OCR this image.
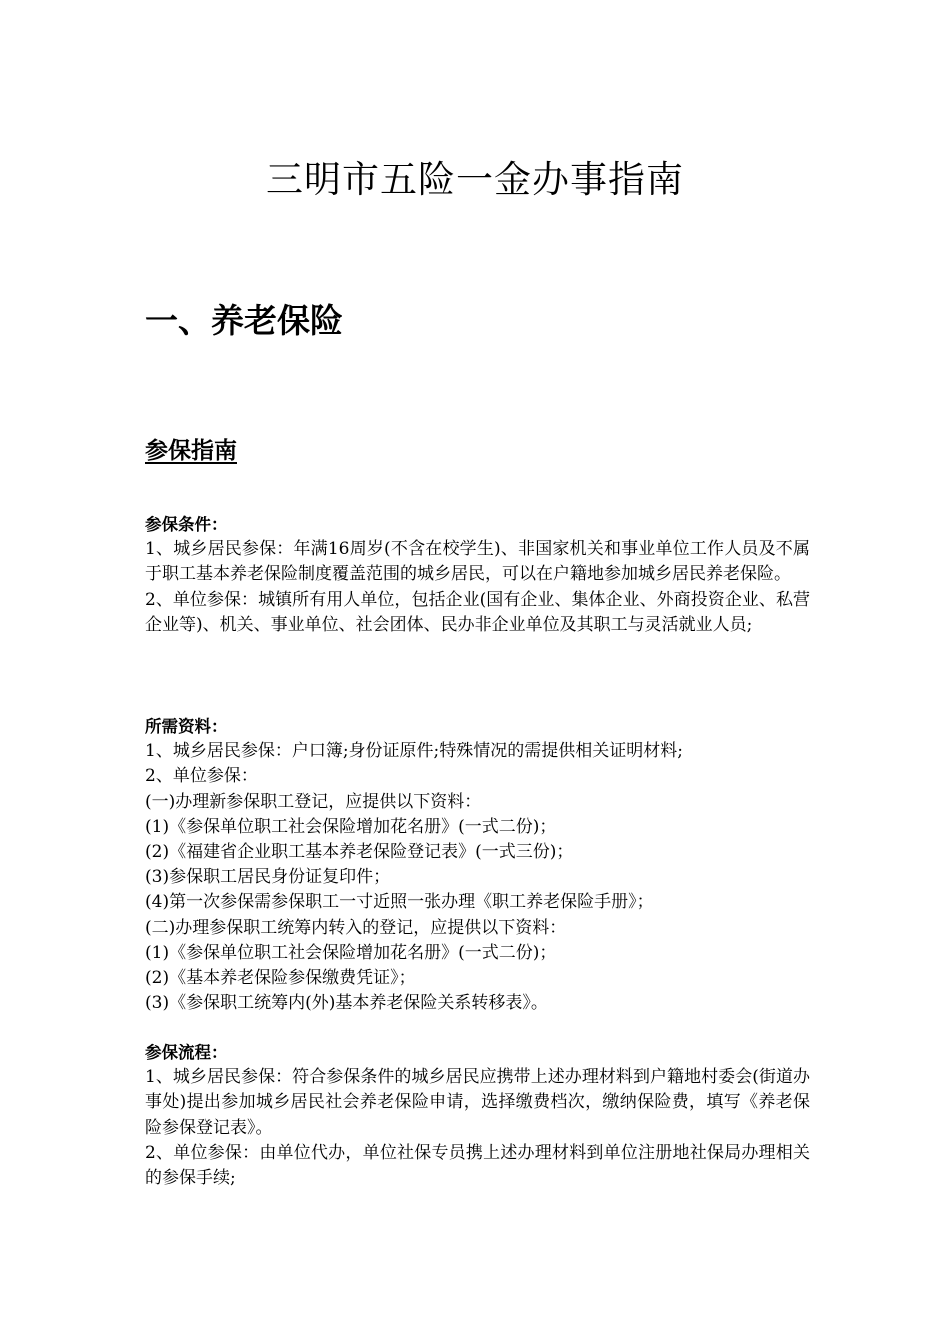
三明市五险一金办事指南
一、养老保险
参保指南
参保条件：
1、城乡居民参保：年满16周岁(不含在校学生)、非国家机关和事业单位工作人员及不属于职工基本养老保险制度覆盖范围的城乡居民，可以在户籍地参加城乡居民养老保险。
2、单位参保：城镇所有用人单位，包括企业(国有企业、集体企业、外商投资企业、私营企业等)、机关、事业单位、社会团体、民办非企业单位及其职工与灵活就业人员;
所需资料：
1、城乡居民参保：户口簿;身份证原件;特殊情况的需提供相关证明材料;
2、单位参保：
(一)办理新参保职工登记，应提供以下资料：
(1)《参保单位职工社会保险增加花名册》(一式二份)；
(2)《福建省企业职工基本养老保险登记表》(一式三份)；
(3)参保职工居民身份证复印件；
(4)第一次参保需参保职工一寸近照一张办理《职工养老保险手册》；
(二)办理参保职工统筹内转入的登记，应提供以下资料：
(1)《参保单位职工社会保险增加花名册》(一式二份)；
(2)《基本养老保险参保缴费凭证》；
(3)《参保职工统筹内(外)基本养老保险关系转移表》。
参保流程：
1、城乡居民参保：符合参保条件的城乡居民应携带上述办理材料到户籍地村委会(街道办事处)提出参加城乡居民社会养老保险申请，选择缴费档次，缴纳保险费，填写《养老保险参保登记表》。
2、单位参保：由单位代办，单位社保专员携上述办理材料到单位注册地社保局办理相关的参保手续;
